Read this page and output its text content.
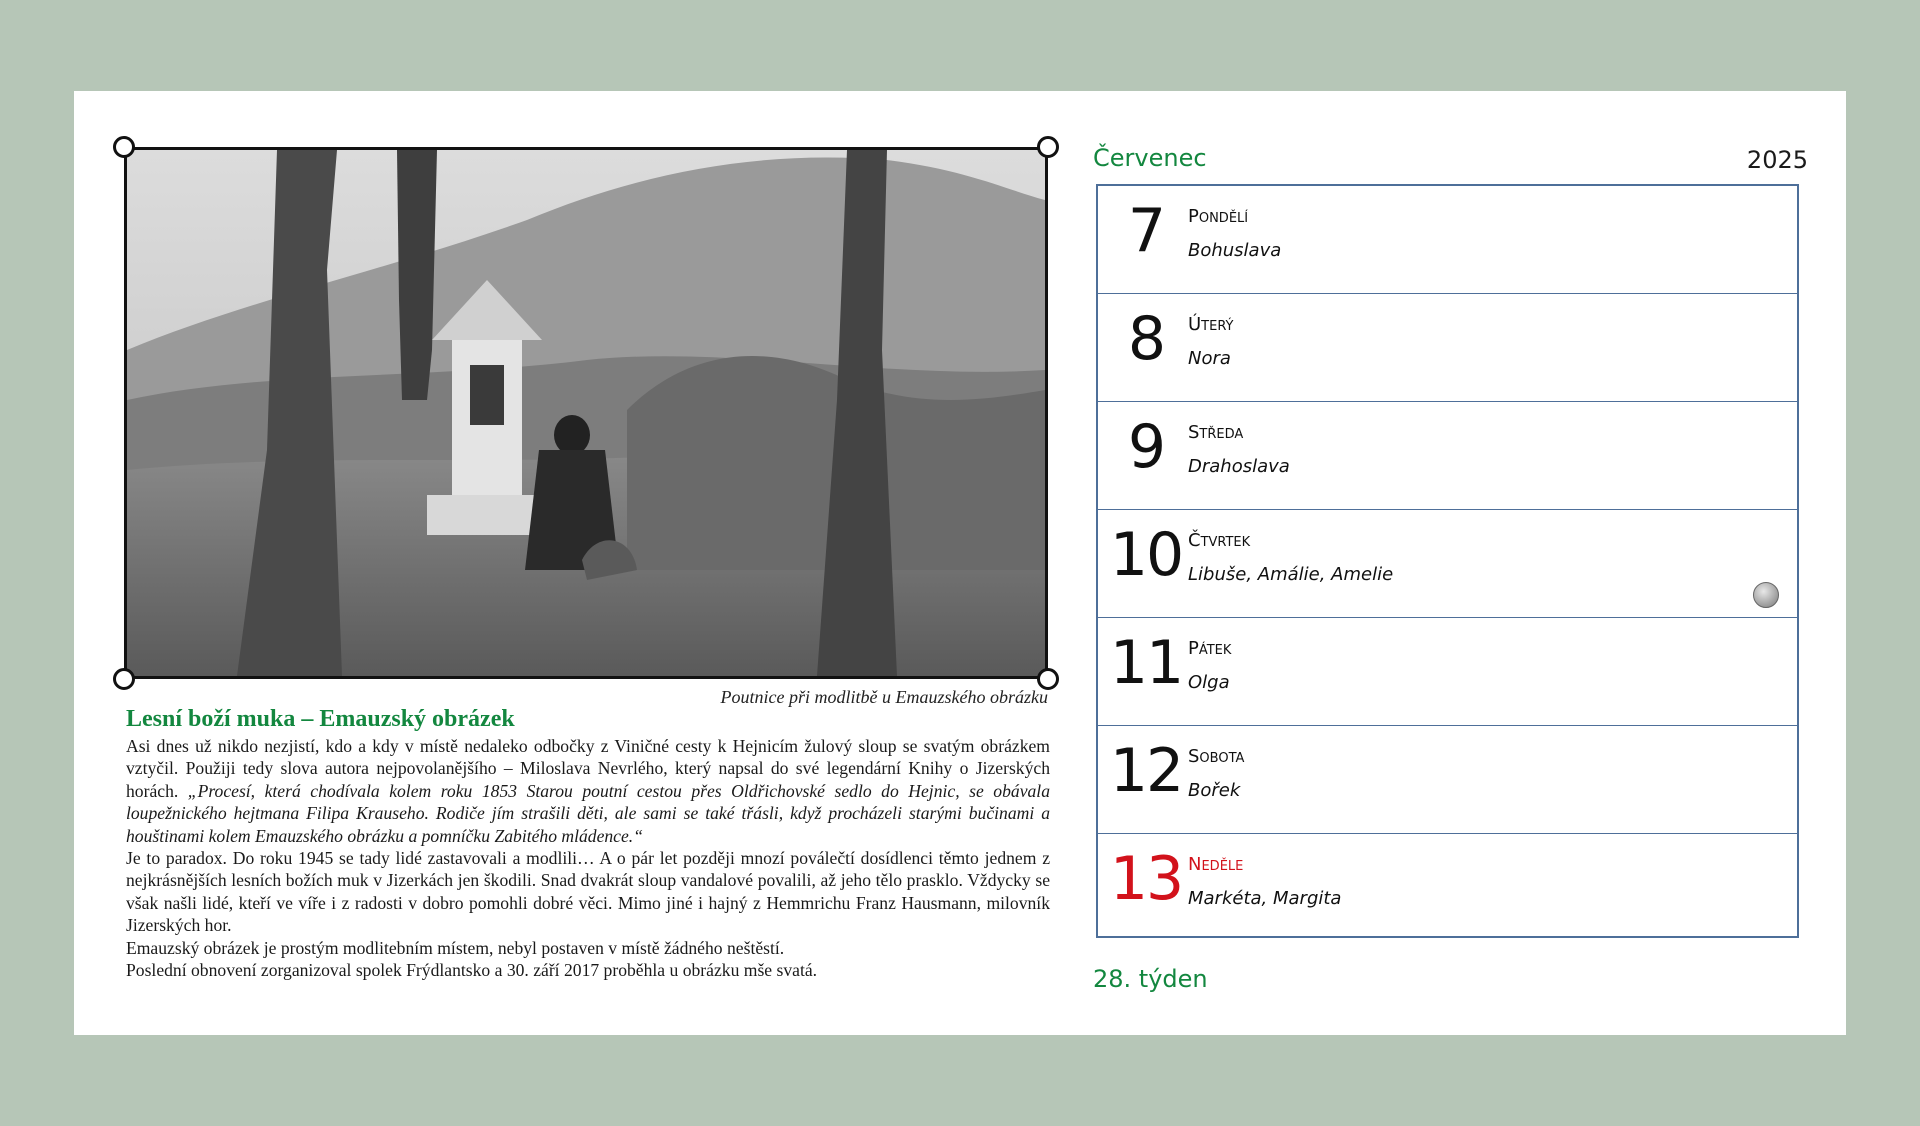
Poutnice při modlitbě u Emauzského obrázku
Lesní boží muka – Emauzský obrázek

Asi dnes už nikdo nezjistí, kdo a kdy v místě nedaleko odbočky z Viničné cesty k Hejnicím žulový sloup se svatým obrázkem vztyčil. Použiji tedy slova autora nejpovolanějšího – Miloslava Nevrlého, který napsal do své legendární Knihy o Jizerských horách. „Procesí, která chodívala kolem roku 1853 Starou poutní cestou přes Oldřichovské sedlo do Hejnic, se obávala loupežnického hejtmana Filipa Krauseho. Rodiče jím strašili děti, ale sami se také třásli, když procházeli starými bučinami a houštinami kolem Emauzského obrázku a pomníčku Zabitého mládence.“

Je to paradox. Do roku 1945 se tady lidé zastavovali a modlili… A o pár let později mnozí poválečtí dosídlenci těmto jednem z nejkrásnějších lesních božích muk v Jizerkách jen škodili. Snad dvakrát sloup vandalové povalili, až jeho tělo prasklo. Vždycky se však našli lidé, kteří ve víře i z radosti v dobro pomohli dobré věci. Mimo jiné i hajný z Hemmrichu Franz Hausmann, milovník Jizerských hor.

Emauzský obrázek je prostým modlitebním místem, nebyl postaven v místě žádného neštěstí.

Poslední obnovení zorganizoval spolek Frýdlantsko a 30. září 2017 proběhla u obrázku mše svatá.

Červenec	2025
7	Pondělí
Bohuslava
8	Úterý
Nora
9	Středa
Drahoslava
10 Čtvrtek
Libuše, Amálie, Amelie
11 Pátek
Olga
12 Sobota
Bořek
13 Neděle
Markéta, Margita
28. týden
